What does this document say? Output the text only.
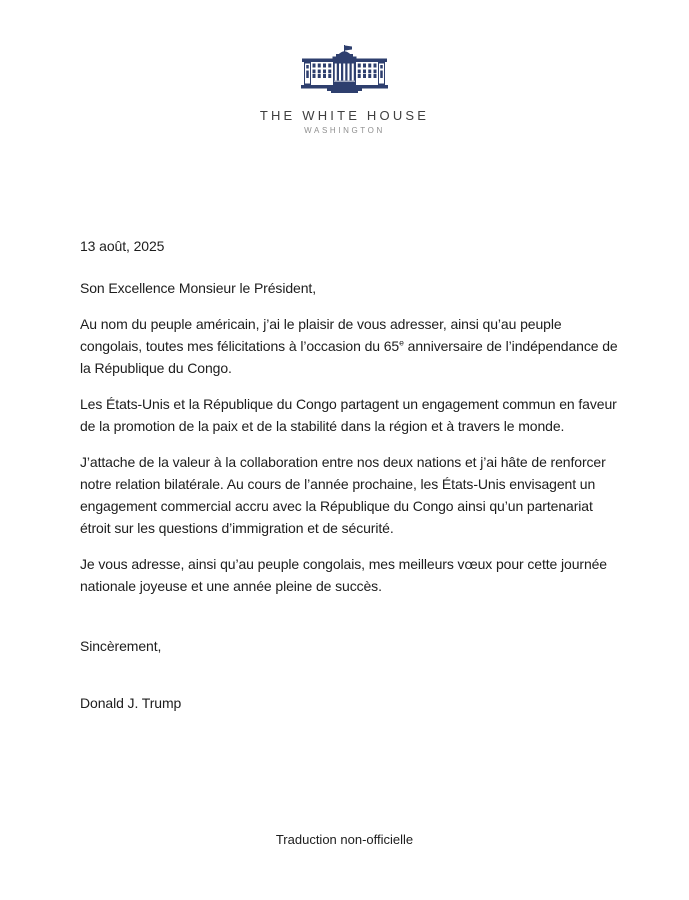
THE WHITE HOUSE
WASHINGTON
13 août, 2025
Son Excellence Monsieur le Président,

Au nom du peuple américain, j’ai le plaisir de vous adresser, ainsi qu’au peuple congolais, toutes mes félicitations à l’occasion du 65e anniversaire de l’indépendance de la République du Congo.

Les États-Unis et la République du Congo partagent un engagement commun en faveur de la promotion de la paix et de la stabilité dans la région et à travers le monde.

J’attache de la valeur à la collaboration entre nos deux nations et j’ai hâte de renforcer notre relation bilatérale. Au cours de l’année prochaine, les États-Unis envisagent un engagement commercial accru avec la République du Congo ainsi qu’un partenariat étroit sur les questions d’immigration et de sécurité.

Je vous adresse, ainsi qu’au peuple congolais, mes meilleurs vœux pour cette journée nationale joyeuse et une année pleine de succès.

Sincèrement,
Donald J. Trump
Traduction non-officielle
